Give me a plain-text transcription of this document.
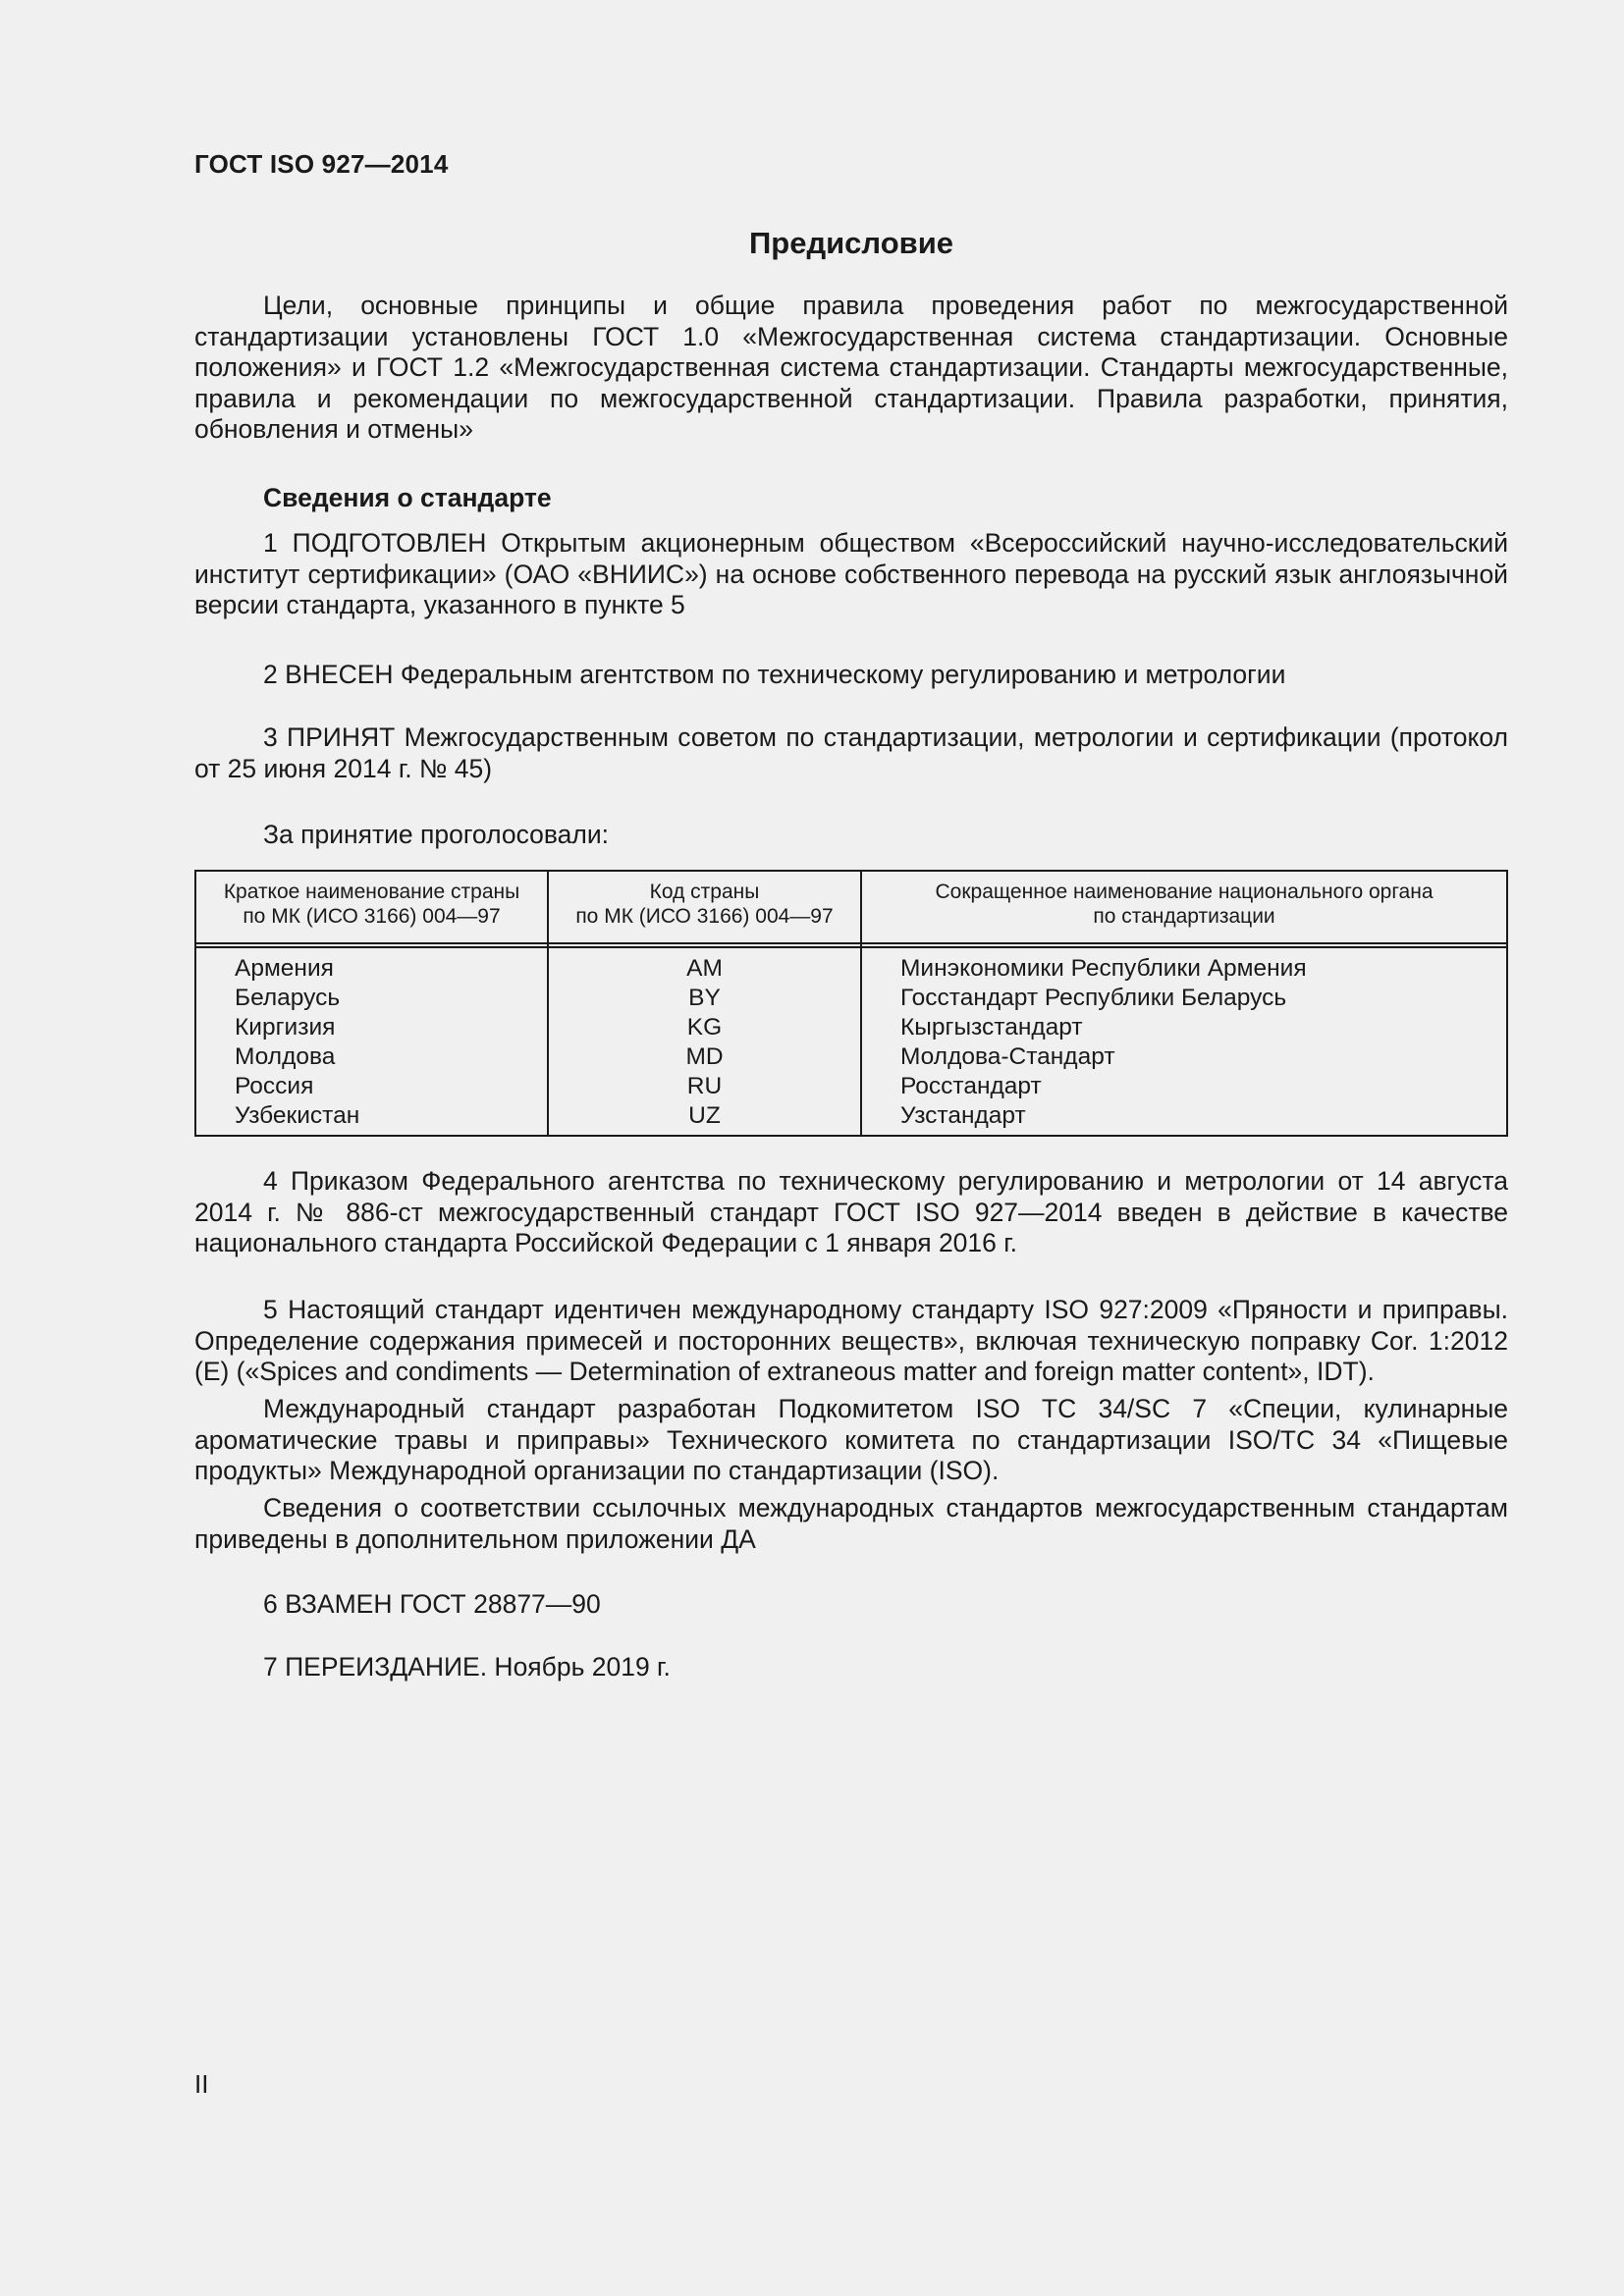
ГОСТ ISO 927—2014
Предисловие

Цели, основные принципы и общие правила проведения работ по межгосударственной стандартизации установлены ГОСТ 1.0 «Межгосударственная система стандартизации. Основные положения» и ГОСТ 1.2 «Межгосударственная система стандартизации. Стандарты межгосударственные, правила и рекомендации по межгосударственной стандартизации. Правила разработки, принятия, обновления и отмены»

Сведения о стандарте

1 ПОДГОТОВЛЕН Открытым акционерным обществом «Всероссийский научно-исследовательский институт сертификации» (ОАО «ВНИИС») на основе собственного перевода на русский язык англоязычной версии стандарта, указанного в пункте 5

2 ВНЕСЕН Федеральным агентством по техническому регулированию и метрологии

3 ПРИНЯТ Межгосударственным советом по стандартизации, метрологии и сертификации (протокол от 25 июня 2014 г. № 45)

За принятие проголосовали:
Краткое наименование страны
по МК (ИСО 3166) 004—97
Код страны
по МК (ИСО 3166) 004—97
Сокращенное наименование национального органа
по стандартизации
Армения
Беларусь
Киргизия
Молдова
Россия
Узбекистан
AM
BY
KG
MD
RU
UZ
Минэкономики Республики Армения
Госстандарт Республики Беларусь
Кыргызстандарт
Молдова-Стандарт
Росстандарт
Узстандарт

4 Приказом Федерального агентства по техническому регулированию и метрологии от 14 августа 2014 г. № 886-ст межгосударственный стандарт ГОСТ ISO 927—2014 введен в действие в качестве национального стандарта Российской Федерации с 1 января 2016 г.

5 Настоящий стандарт идентичен международному стандарту ISO 927:2009 «Пряности и приправы. Определение содержания примесей и посторонних веществ», включая техническую поправку Cor. 1:2012 (E) («Spices and condiments — Determination of extraneous matter and foreign matter content», IDT).

Международный стандарт разработан Подкомитетом ISO TC 34/SC 7 «Специи, кулинарные ароматические травы и приправы» Технического комитета по стандартизации ISO/TC 34 «Пищевые продукты» Международной организации по стандартизации (ISO).

Сведения о соответствии ссылочных международных стандартов межгосударственным стандартам приведены в дополнительном приложении ДА

6 ВЗАМЕН ГОСТ 28877—90
7 ПЕРЕИЗДАНИЕ. Ноябрь 2019 г.
II
